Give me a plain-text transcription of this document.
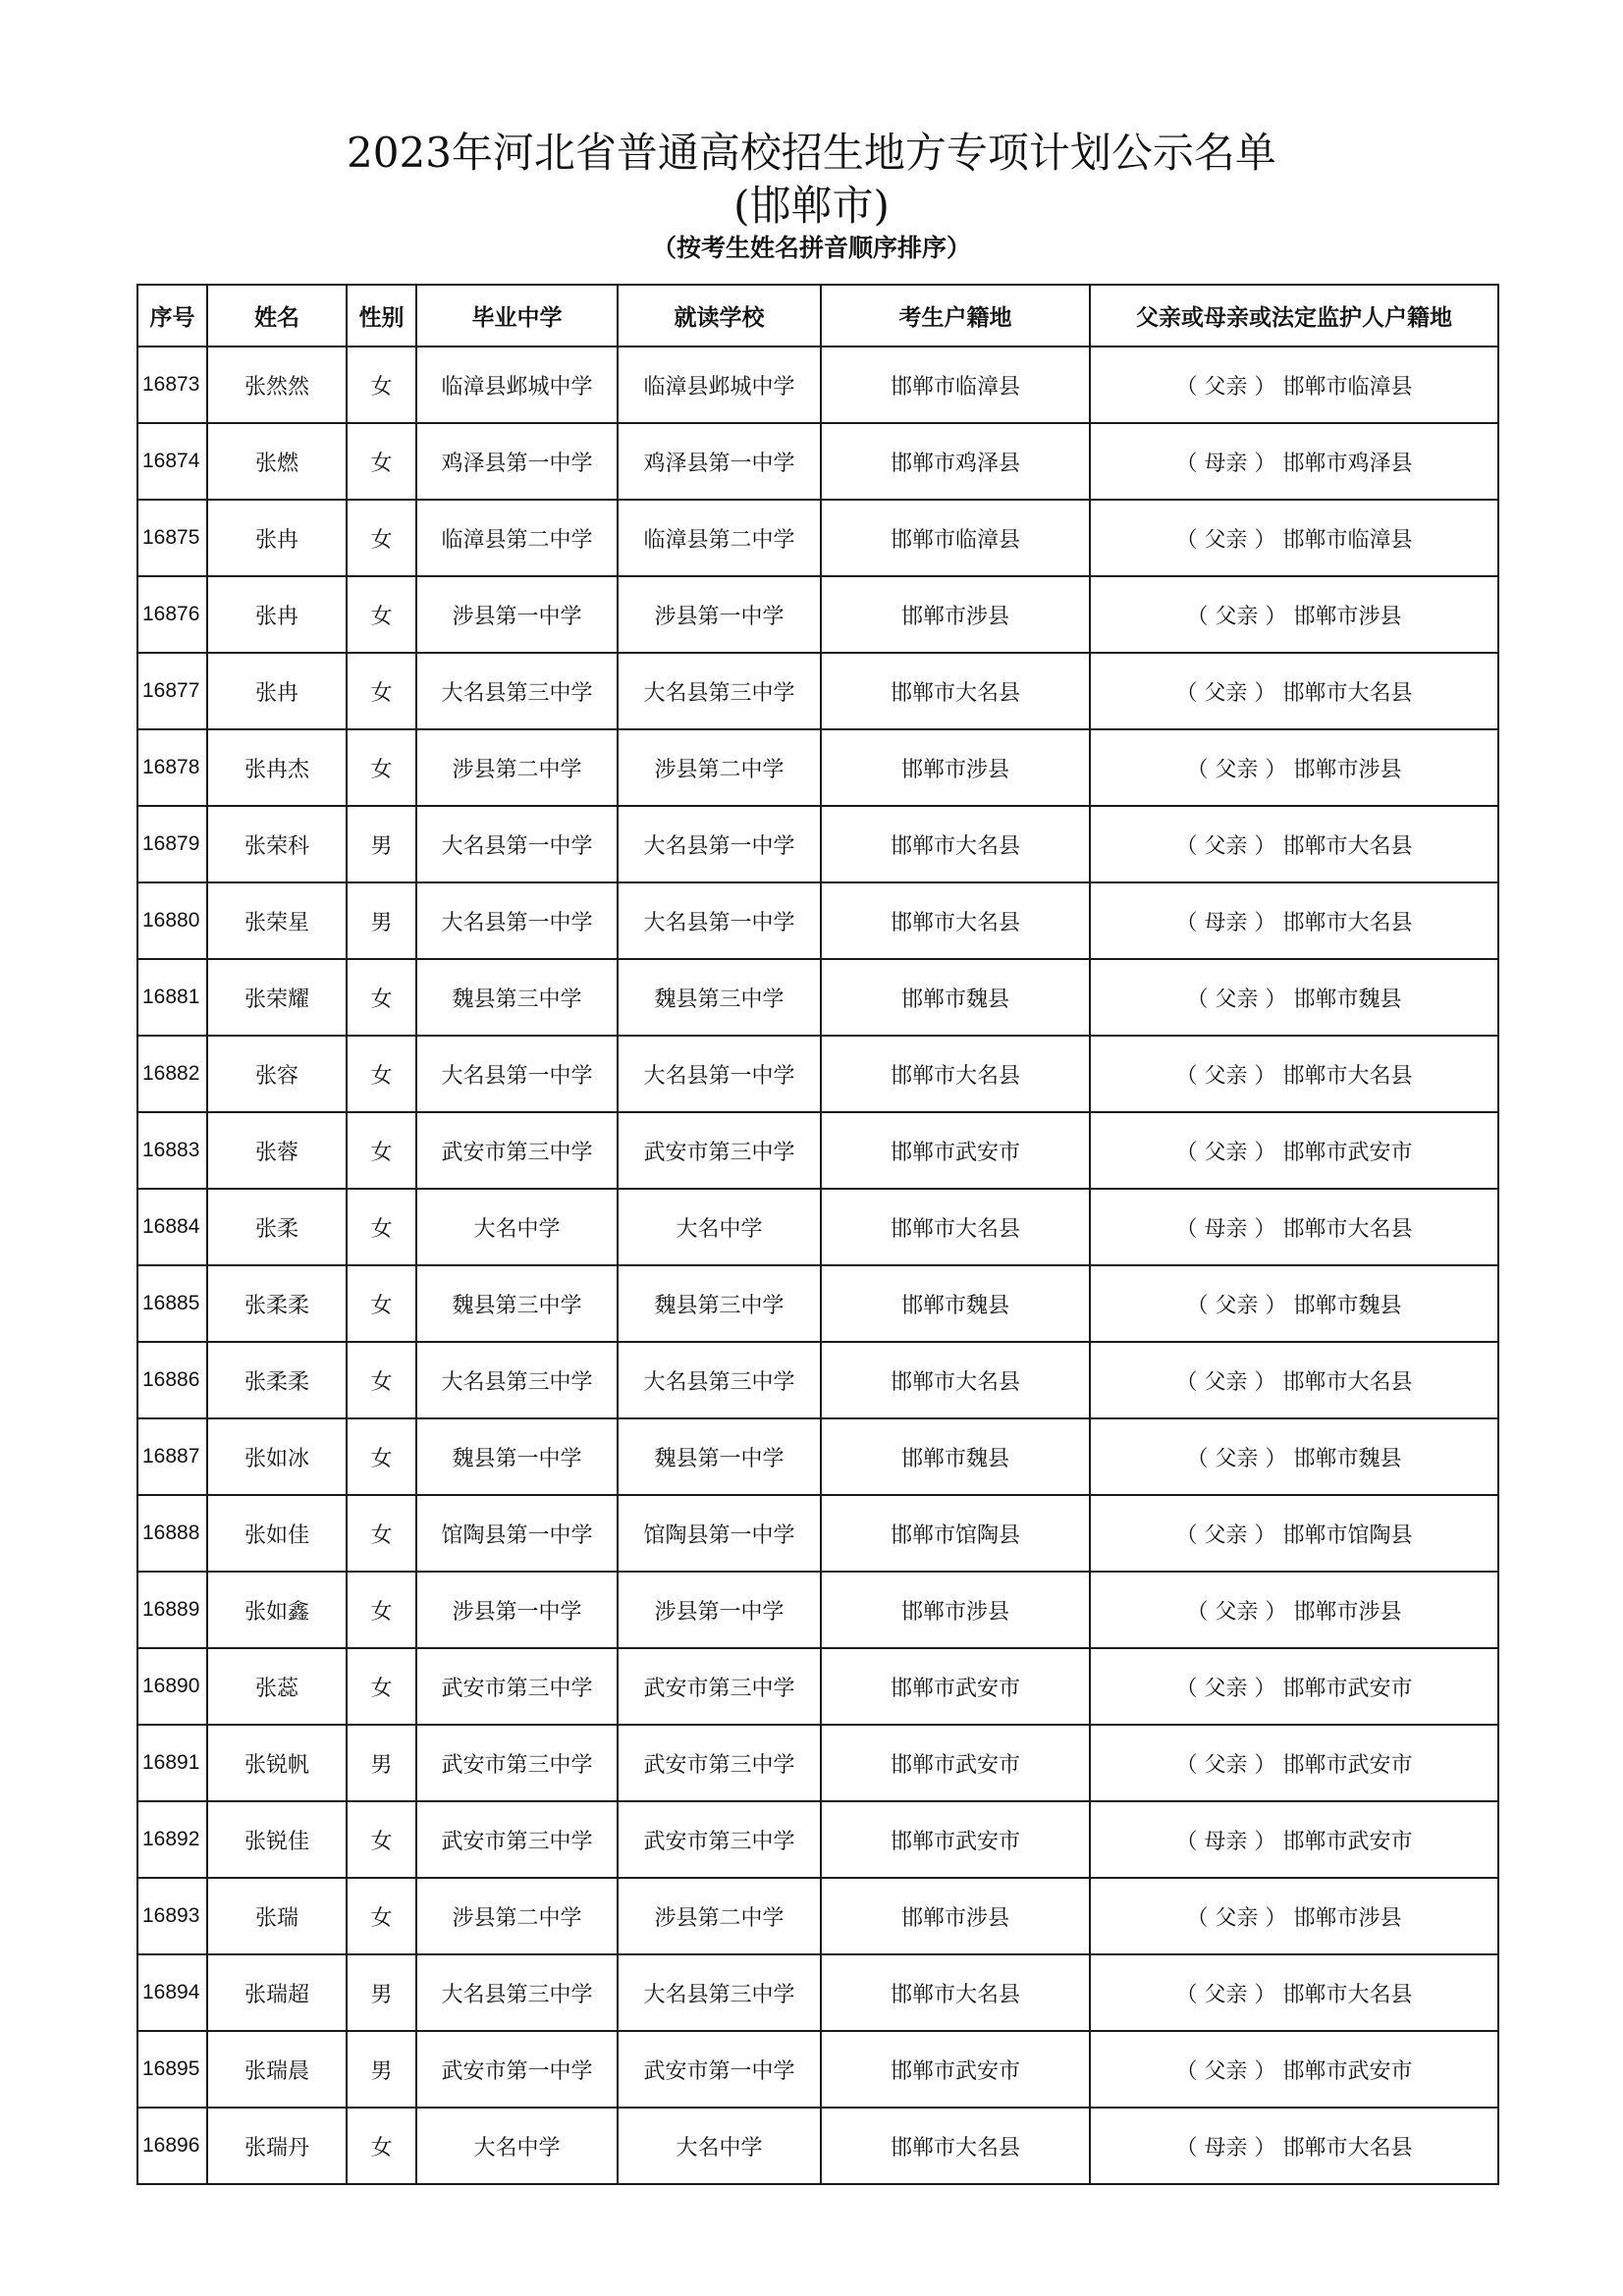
2023年河北省普通高校招生地方专项计划公示名单
(邯郸市)
（按考生姓名拼音顺序排序）
序号	姓名	性别	毕业中学	就读学校	考生户籍地	父亲或母亲或法定监护人户籍地
16873	张然然	女	临漳县邺城中学	临漳县邺城中学	邯郸市临漳县	（ 父亲 ） 邯郸市临漳县
16874	张燃	女	鸡泽县第一中学	鸡泽县第一中学	邯郸市鸡泽县	（ 母亲 ） 邯郸市鸡泽县
16875	张冉	女	临漳县第二中学	临漳县第二中学	邯郸市临漳县	（ 父亲 ） 邯郸市临漳县
16876	张冉	女	涉县第一中学	涉县第一中学	邯郸市涉县	（ 父亲 ） 邯郸市涉县
16877	张冉	女	大名县第三中学	大名县第三中学	邯郸市大名县	（ 父亲 ） 邯郸市大名县
16878	张冉杰	女	涉县第二中学	涉县第二中学	邯郸市涉县	（ 父亲 ） 邯郸市涉县
16879	张荣科	男	大名县第一中学	大名县第一中学	邯郸市大名县	（ 父亲 ） 邯郸市大名县
16880	张荣星	男	大名县第一中学	大名县第一中学	邯郸市大名县	（ 母亲 ） 邯郸市大名县
16881	张荣耀	女	魏县第三中学	魏县第三中学	邯郸市魏县	（ 父亲 ） 邯郸市魏县
16882	张容	女	大名县第一中学	大名县第一中学	邯郸市大名县	（ 父亲 ） 邯郸市大名县
16883	张蓉	女	武安市第三中学	武安市第三中学	邯郸市武安市	（ 父亲 ） 邯郸市武安市
16884	张柔	女	大名中学	大名中学	邯郸市大名县	（ 母亲 ） 邯郸市大名县
16885	张柔柔	女	魏县第三中学	魏县第三中学	邯郸市魏县	（ 父亲 ） 邯郸市魏县
16886	张柔柔	女	大名县第三中学	大名县第三中学	邯郸市大名县	（ 父亲 ） 邯郸市大名县
16887	张如冰	女	魏县第一中学	魏县第一中学	邯郸市魏县	（ 父亲 ） 邯郸市魏县
16888	张如佳	女	馆陶县第一中学	馆陶县第一中学	邯郸市馆陶县	（ 父亲 ） 邯郸市馆陶县
16889	张如鑫	女	涉县第一中学	涉县第一中学	邯郸市涉县	（ 父亲 ） 邯郸市涉县
16890	张蕊	女	武安市第三中学	武安市第三中学	邯郸市武安市	（ 父亲 ） 邯郸市武安市
16891	张锐帆	男	武安市第三中学	武安市第三中学	邯郸市武安市	（ 父亲 ） 邯郸市武安市
16892	张锐佳	女	武安市第三中学	武安市第三中学	邯郸市武安市	（ 母亲 ） 邯郸市武安市
16893	张瑞	女	涉县第二中学	涉县第二中学	邯郸市涉县	（ 父亲 ） 邯郸市涉县
16894	张瑞超	男	大名县第三中学	大名县第三中学	邯郸市大名县	（ 父亲 ） 邯郸市大名县
16895	张瑞晨	男	武安市第一中学	武安市第一中学	邯郸市武安市	（ 父亲 ） 邯郸市武安市
16896	张瑞丹	女	大名中学	大名中学	邯郸市大名县	（ 母亲 ） 邯郸市大名县
